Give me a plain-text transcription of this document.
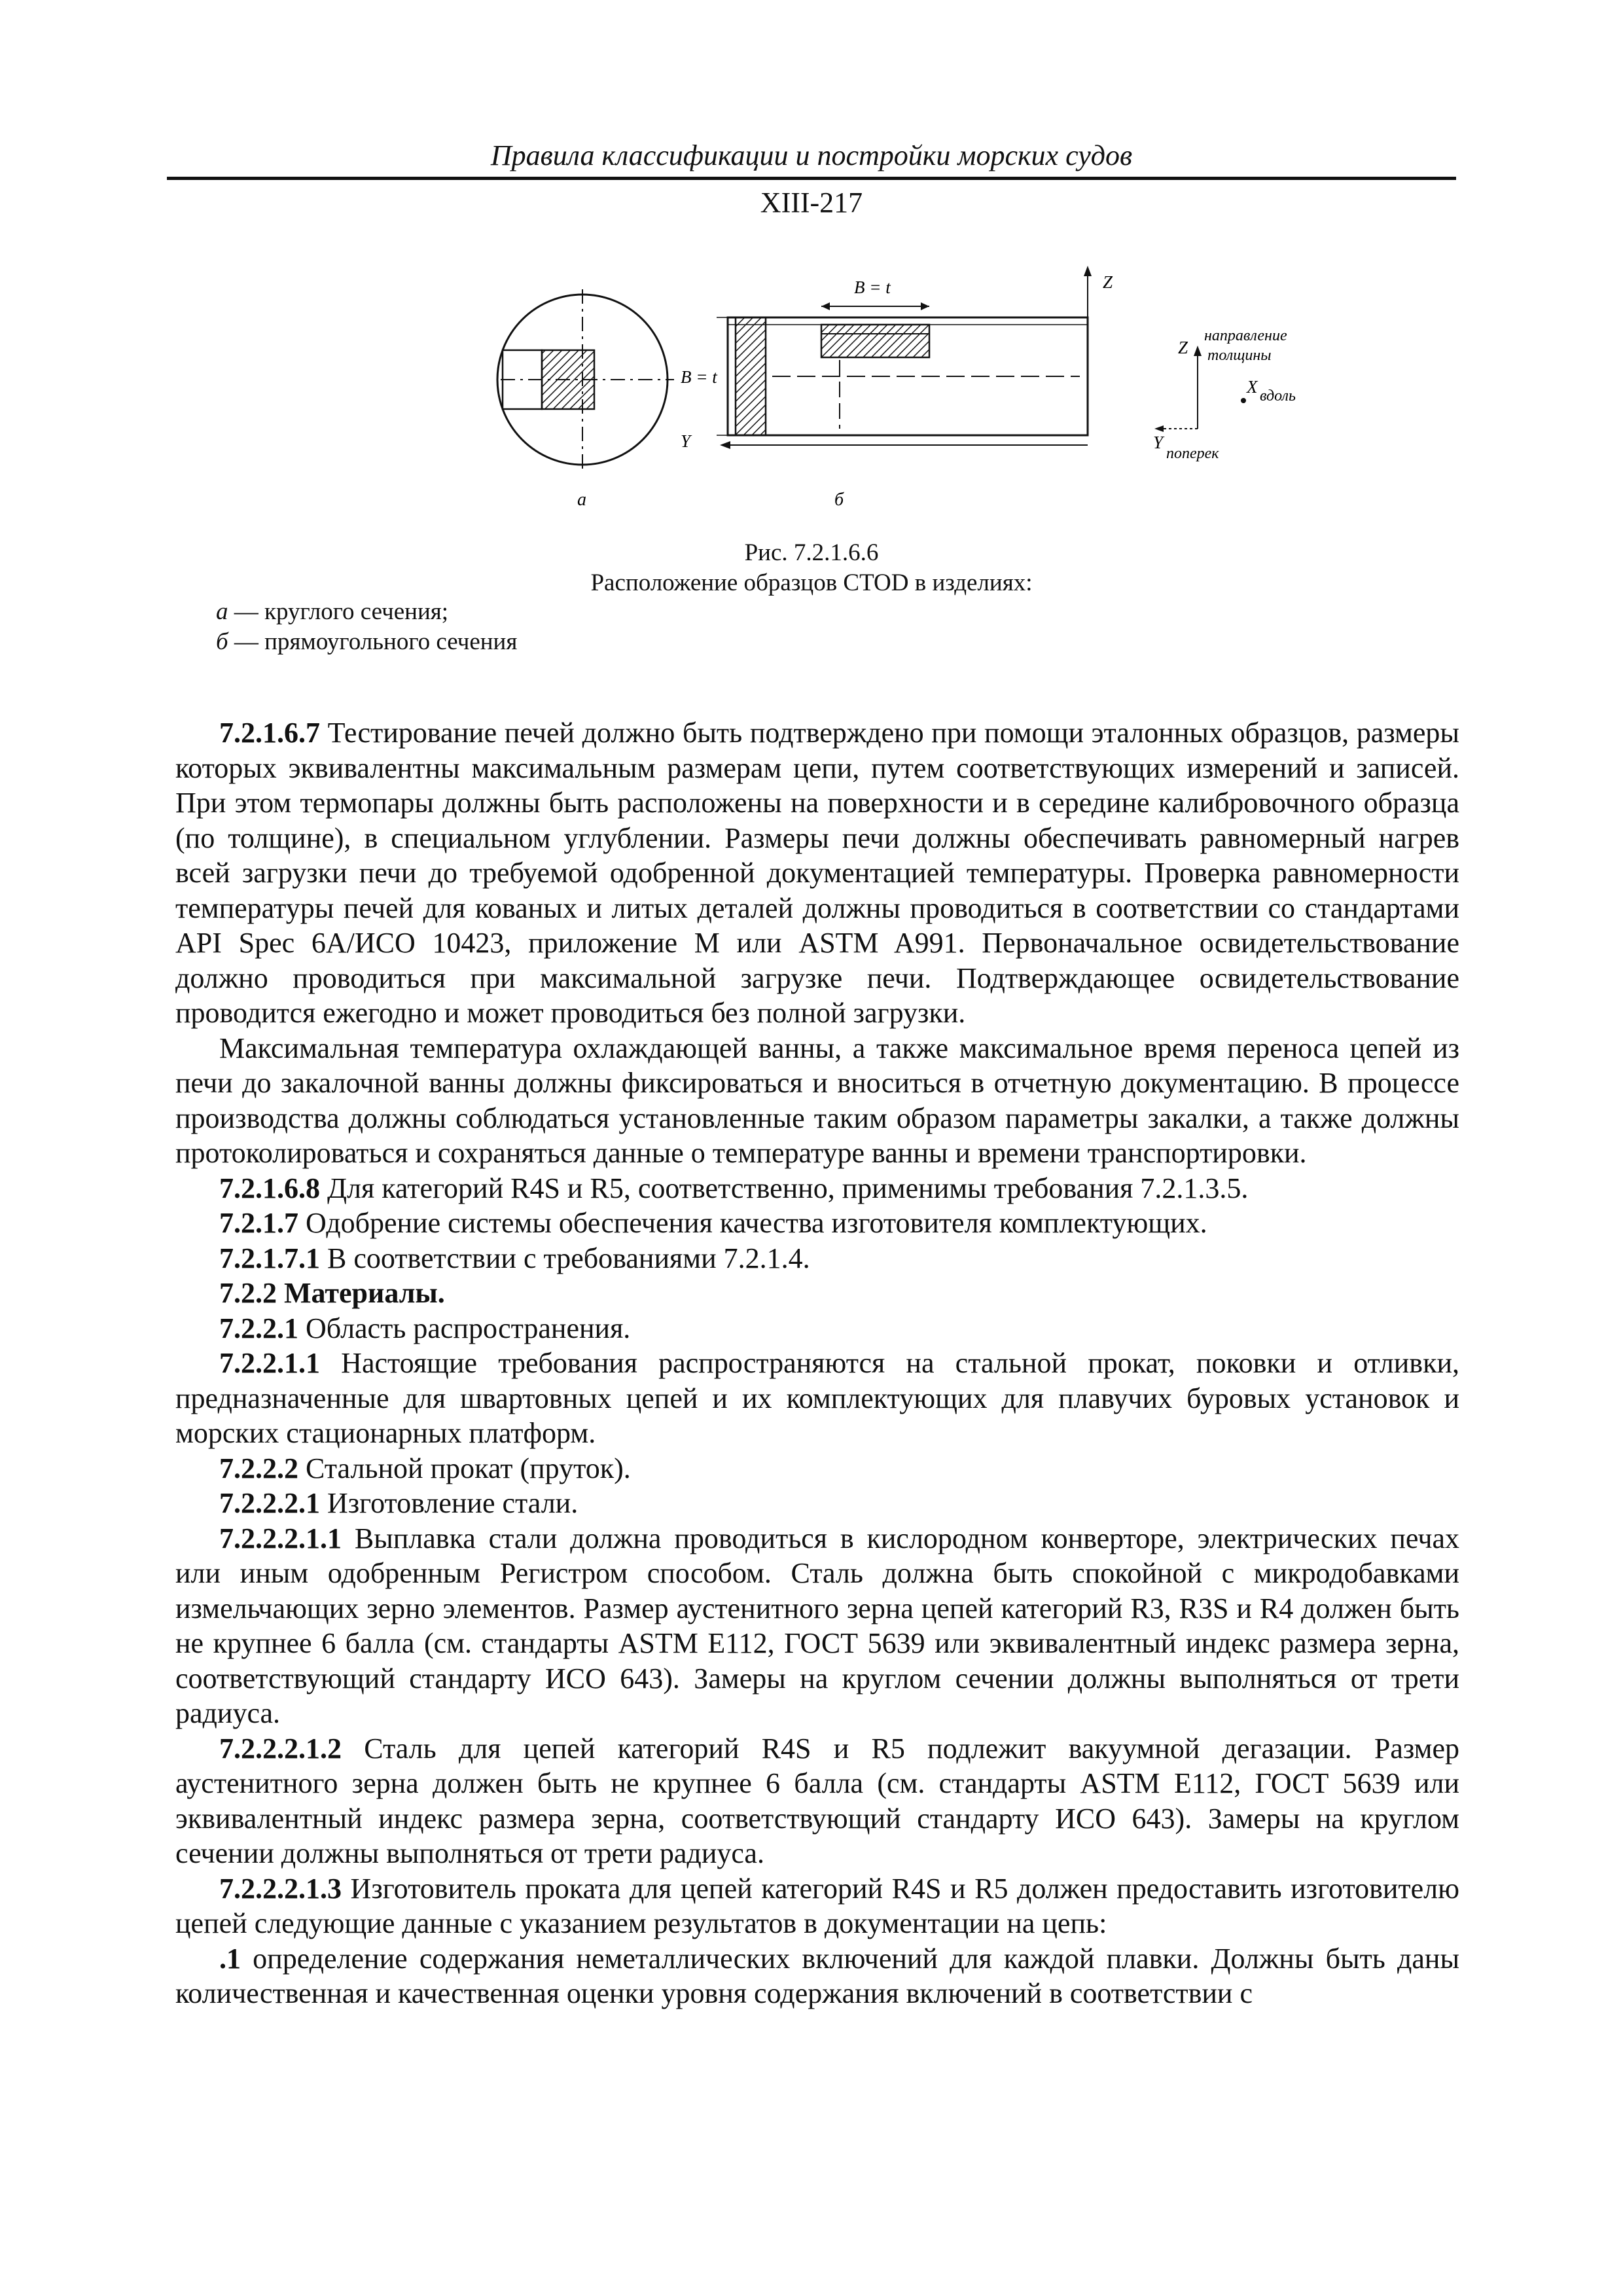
Правила классификации и постройки морских судов
XIII-217
B = t
B = t
Z
Y
а	б
Z
направление
толщины
X вдоль
Y
поперек
Рис. 7.2.1.6.6
Расположение образцов CTOD в изделиях:
а — круглого сечения;
б — прямоугольного сечения

7.2.1.6.7 Тестирование печей должно быть подтверждено при помощи эталонных образцов, размеры которых эквивалентны максимальным размерам цепи, путем соответствующих измерений и записей. При этом термопары должны быть расположены на поверхности и в середине калибровочного образца (по толщине), в специальном углублении. Размеры печи должны обеспечивать равномерный нагрев всей загрузки печи до требуемой одобренной документацией температуры. Проверка равномерности температуры печей для кованых и литых деталей должны проводиться в соответствии со стандартами API Spec 6A/ИСО 10423, приложение M или ASTM A991. Первоначальное освидетельствование должно проводиться при максимальной загрузке печи. Подтверждающее освидетельствование проводится ежегодно и может проводиться без полной загрузки.

Максимальная температура охлаждающей ванны, а также максимальное время переноса цепей из печи до закалочной ванны должны фиксироваться и вноситься в отчетную документацию. В процессе производства должны соблюдаться установленные таким образом параметры закалки, а также должны протоколироваться и сохраняться данные о температуре ванны и времени транспортировки.

7.2.1.6.8 Для категорий R4S и R5, соответственно, применимы требования 7.2.1.3.5.

7.2.1.7 Одобрение системы обеспечения качества изготовителя комплектующих.

7.2.1.7.1 В соответствии с требованиями 7.2.1.4.

7.2.2 Материалы.

7.2.2.1 Область распространения.

7.2.2.1.1 Настоящие требования распространяются на стальной прокат, поковки и отливки, предназначенные для швартовных цепей и их комплектующих для плавучих буровых установок и морских стационарных платформ.

7.2.2.2 Стальной прокат (пруток).

7.2.2.2.1 Изготовление стали.

7.2.2.2.1.1 Выплавка стали должна проводиться в кислородном конверторе, электрических печах или иным одобренным Регистром способом. Сталь должна быть спокойной с микродобавками измельчающих зерно элементов. Размер аустенитного зерна цепей категорий R3, R3S и R4 должен быть не крупнее 6 балла (см. стандарты ASTM E112, ГОСТ 5639 или эквивалентный индекс размера зерна, соответствующий стандарту ИСО 643). Замеры на круглом сечении должны выполняться от трети радиуса.

7.2.2.2.1.2 Сталь для цепей категорий R4S и R5 подлежит вакуумной дегазации. Размер аустенитного зерна должен быть не крупнее 6 балла (см. стандарты ASTM E112, ГОСТ 5639 или эквивалентный индекс размера зерна, соответствующий стандарту ИСО 643). Замеры на круглом сечении должны выполняться от трети радиуса.

7.2.2.2.1.3 Изготовитель проката для цепей категорий R4S и R5 должен предоставить изготовителю цепей следующие данные с указанием результатов в документации на цепь:

.1 определение содержания неметаллических включений для каждой плавки. Должны быть даны количественная и качественная оценки уровня содержания включений в соответствии с
